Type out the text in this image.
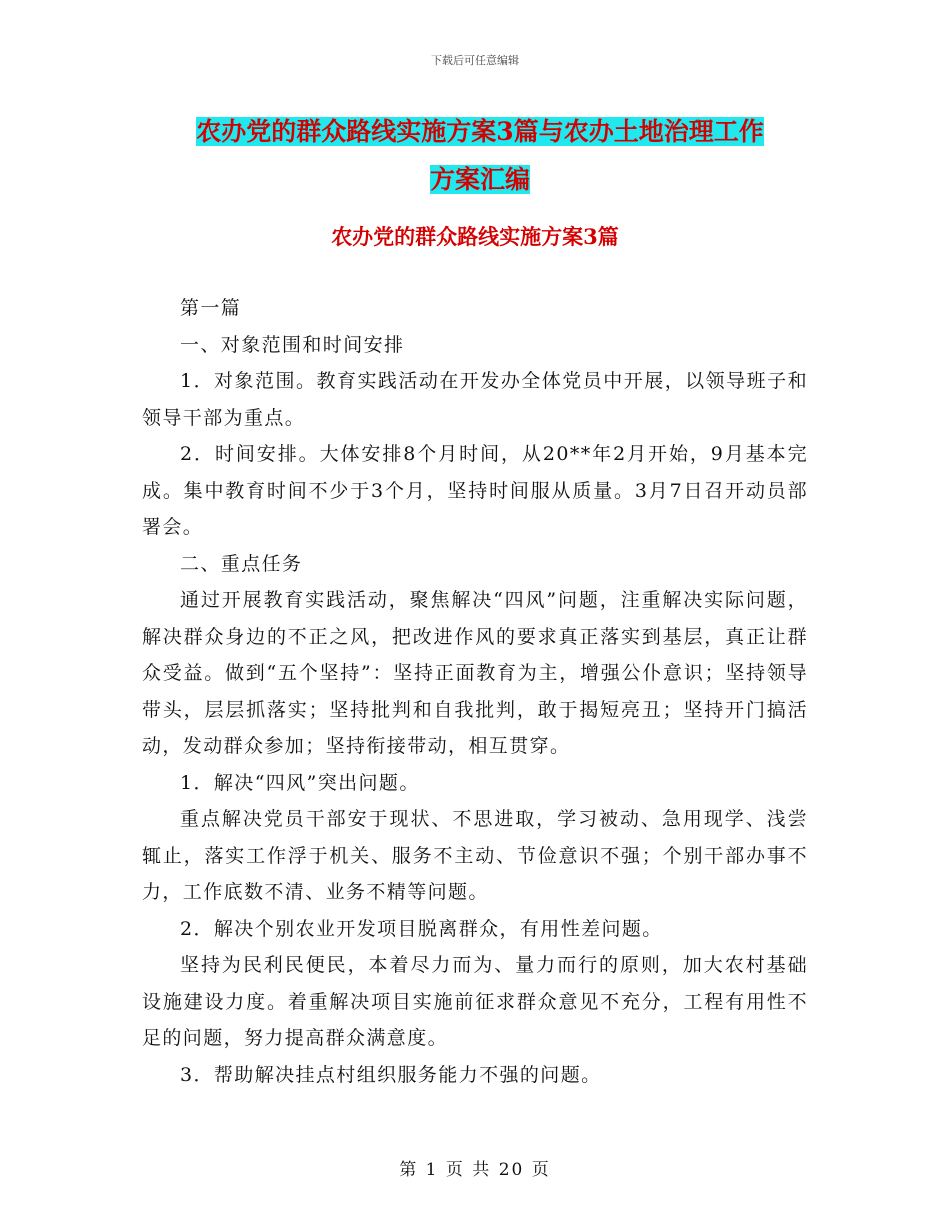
下载后可任意编辑
农办党的群众路线实施方案3篇与农办土地治理工作
方案汇编
农办党的群众路线实施方案3篇

第一篇

一、对象范围和时间安排

1．对象范围。教育实践活动在开发办全体党员中开展，以领导班子和领导干部为重点。

2．时间安排。大体安排8个月时间，从20**年2月开始，9月基本完成。集中教育时间不少于3个月，坚持时间服从质量。3月7日召开动员部署会。

二、重点任务

通过开展教育实践活动，聚焦解决“四风”问题，注重解决实际问题，解决群众身边的不正之风，把改进作风的要求真正落实到基层，真正让群众受益。做到“五个坚持”：坚持正面教育为主，增强公仆意识；坚持领导带头，层层抓落实；坚持批判和自我批判，敢于揭短亮丑；坚持开门搞活动，发动群众参加；坚持衔接带动，相互贯穿。

1．解决“四风”突出问题。

重点解决党员干部安于现状、不思进取，学习被动、急用现学、浅尝辄止，落实工作浮于机关、服务不主动、节俭意识不强；个别干部办事不力，工作底数不清、业务不精等问题。

2．解决个别农业开发项目脱离群众，有用性差问题。

坚持为民利民便民，本着尽力而为、量力而行的原则，加大农村基础设施建设力度。着重解决项目实施前征求群众意见不充分，工程有用性不足的问题，努力提高群众满意度。

3．帮助解决挂点村组织服务能力不强的问题。

第 1 页 共 20 页
